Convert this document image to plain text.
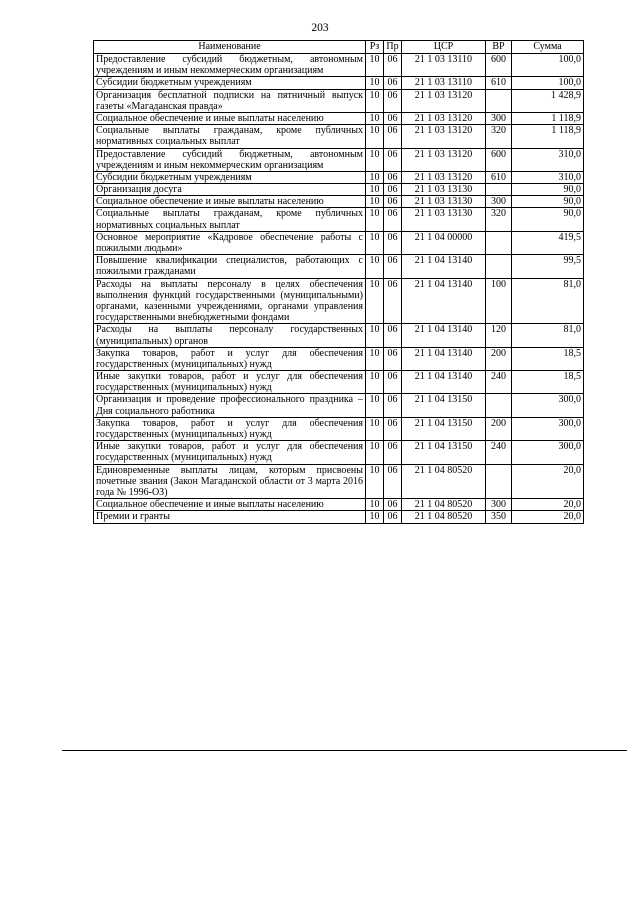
203
Наименование	Рз	Пр	ЦСР	ВР	Сумма
Предоставление субсидий бюджетным, автономным учреждениям и иным некоммерческим организациям	10	06	21 1 03 13110	600	100,0
Субсидии бюджетным учреждениям	10	06	21 1 03 13110	610	100,0
Организация бесплатной подписки на пятничный выпуск газеты «Магаданская правда»	10	06	21 1 03 13120		1 428,9
Социальное обеспечение и иные выплаты населению	10	06	21 1 03 13120	300	1 118,9
Социальные выплаты гражданам, кроме публичных нормативных социальных выплат	10	06	21 1 03 13120	320	1 118,9
Предоставление субсидий бюджетным, автономным учреждениям и иным некоммерческим организациям	10	06	21 1 03 13120	600	310,0
Субсидии бюджетным учреждениям	10	06	21 1 03 13120	610	310,0
Организация досуга	10	06	21 1 03 13130		90,0
Социальное обеспечение и иные выплаты населению	10	06	21 1 03 13130	300	90,0
Социальные выплаты гражданам, кроме публичных нормативных социальных выплат	10	06	21 1 03 13130	320	90,0
Основное мероприятие «Кадровое обеспечение работы с пожилыми людьми»	10	06	21 1 04 00000		419,5
Повышение квалификации специалистов, работающих с пожилыми гражданами	10	06	21 1 04 13140		99,5
Расходы на выплаты персоналу в целях обеспечения выполнения функций государственными (муниципальными) органами, казенными учреждениями, органами управления государственными внебюджетными фондами	10	06	21 1 04 13140	100	81,0
Расходы на выплаты персоналу государственных (муниципальных) органов	10	06	21 1 04 13140	120	81,0
Закупка товаров, работ и услуг для обеспечения государственных (муниципальных) нужд	10	06	21 1 04 13140	200	18,5
Иные закупки товаров, работ и услуг для обеспечения государственных (муниципальных) нужд	10	06	21 1 04 13140	240	18,5
Организация и проведение профессионального праздника – Дня социального работника	10	06	21 1 04 13150		300,0
Закупка товаров, работ и услуг для обеспечения государственных (муниципальных) нужд	10	06	21 1 04 13150	200	300,0
Иные закупки товаров, работ и услуг для обеспечения государственных (муниципальных) нужд	10	06	21 1 04 13150	240	300,0
Единовременные выплаты лицам, которым присвоены почетные звания (Закон Магаданской области от 3 марта 2016 года № 1996-ОЗ)	10	06	21 1 04 80520		20,0
Социальное обеспечение и иные выплаты населению	10	06	21 1 04 80520	300	20,0
Премии и гранты	10	06	21 1 04 80520	350	20,0
